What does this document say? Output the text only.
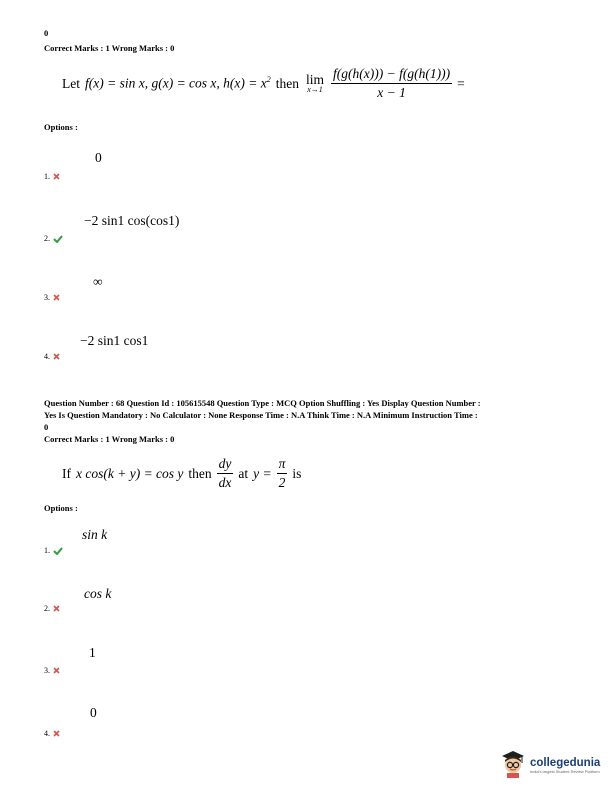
0
Correct Marks : 1 Wrong Marks : 0
Let f(x) = sin x, g(x) = cos x, $h(x) = x^2$ then lim
$x\to 1 \frac{f(g(h(x))) - f(g(h(1)))}{x - 1}$ =
Options :
0
1.
−2 sin1 cos(cos1)
2.
∞
3.
−2 sin1 cos1
4.
Question Number : 68 Question Id : 105615548 Question Type : MCQ Option Shuffling : Yes Display Question Number :
Yes Is Question Mandatory : No Calculator : None Response Time : N.A Think Time : N.A Minimum Instruction Time :
0
Correct Marks : 1 Wrong Marks : 0
If x cos(k + y) = cos y then $\frac{dy}{dx}$ at $y = \frac{\pi}{2}$ is
Options :
sin k
1.
cos k
2.
1
3.
0
4.
collegedunia
India's largest Student Review Platform
